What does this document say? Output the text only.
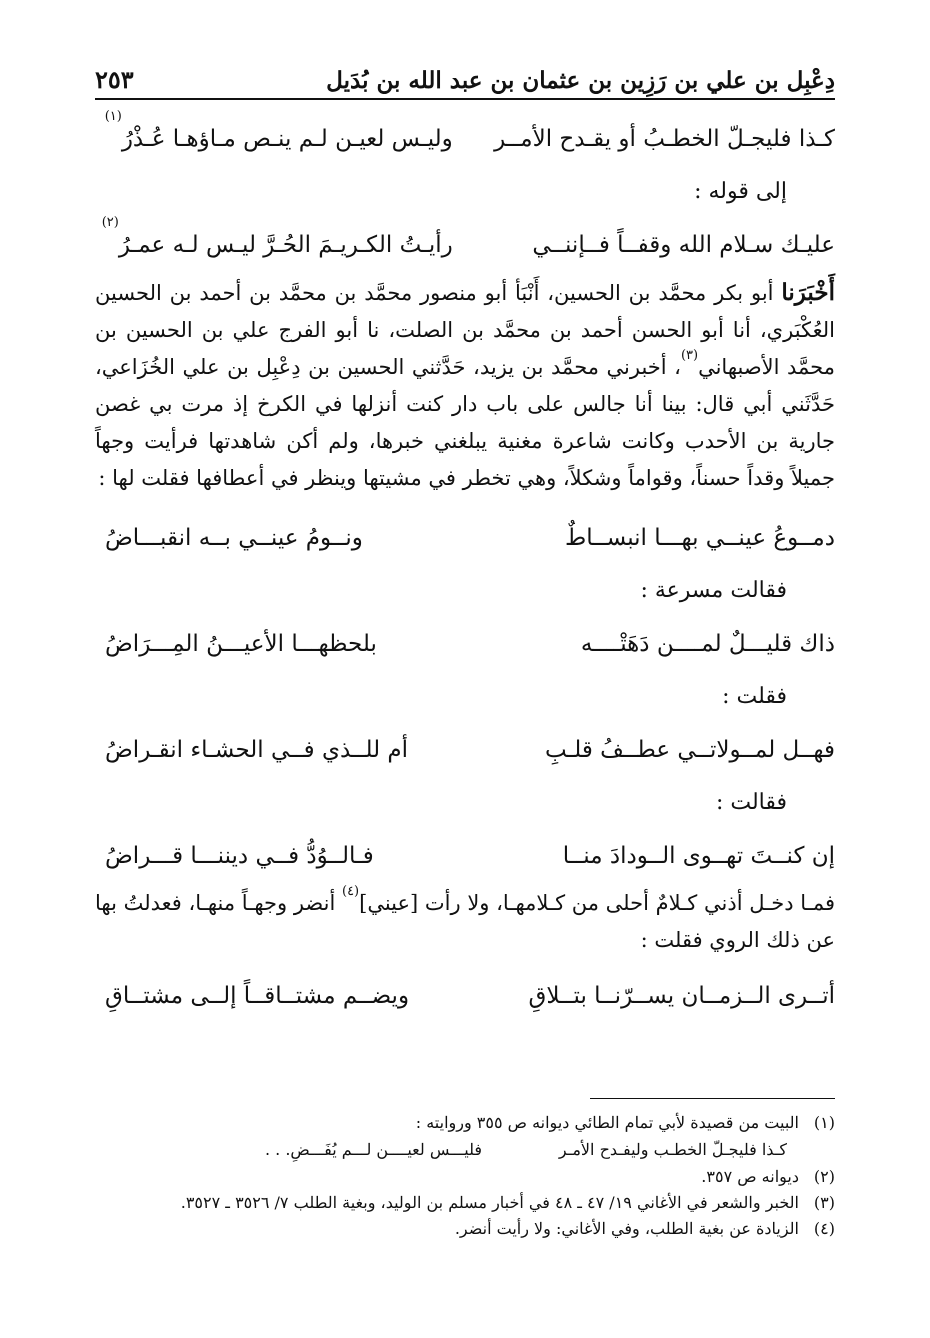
دِعْبِل بن علي بن رَزِين بن عثمان بن عبد الله بن بُدَيل
٢٥٣
كـذا فليجـلّ الخطـبُ أو يقـدح الأمــر
وليـس لعيـن لـم ينـص مـاؤهـا عُـذْرُ$^{(١)}$
إلى قوله :
عليـك سـلام الله وقفــاً فــإننــي
رأيـتُ الكـريـمَ الحُـرَّ ليـس لـه عمـرُ$^{(٢)}$
أَخْبَرَنا أبو بكر محمَّد بن الحسين، أَنْبَأ أبو منصور محمَّد بن محمَّد بن أحمد بن الحسين العُكْبَري، أنا أبو الحسن أحمد بن محمَّد بن الصلت، نا أبو الفرج علي بن الحسين بن محمَّد الأصبهاني$^{(٣)}$، أخبرني محمَّد بن يزيد، حَدَّثني الحسين بن دِعْبِل بن علي الخُزَاعي، حَدَّثَني أبي قال: بينا أنا جالس على باب دار كنت أنزلها في الكرخ إذ مرت بي غصن جارية بن الأحدب وكانت شاعرة مغنية يبلغني خبرها، ولم أكن شاهدتها فرأيت وجهاً جميلاً وقداً حسناً، وقواماً وشكلاً، وهي تخطر في مشيتها وينظر في أعطافها فقلت لها :
دمــوعُ عينــي بهـــا انبســاطٌ
ونــومُ عينــي بــه انقبـــاضُ
فقالت مسرعة :
ذاك قليـــلٌ لمــــن دَهَتْــــه
بلحظهـــا الأعيـــنُ المِـــرَاضُ
فقلت :
فهــل لمــولاتــي عطــفُ قلـبِ
أم للــذي فــي الحشـاء انقـراضُ
فقالت :
إن كنــتَ تهــوى الــودادَ منــا
فـالــوُدُّ فــي ديننـــا قـــراضُ
فمـا دخـل أذني كـلامٌ أحلى من كـلامهـا، ولا رأت [عيني]$^{(٤)}$ أنضر وجهـاً منهـا، فعدلتُ بها عن ذلك الروي فقلت :
أتــرى الــزمــان يســرّنــا بتــلاقِ
ويضــم مشتــاقــاً إلــى مشتــاقِ
(١)
البيت من قصيدة لأبي تمام الطائي ديوانه ص ٣٥٥ وروايته :
كـذا فليجـلّ الخطـب وليفـدح الأمـر
فليـــس لعيــــن لـــم يُفَـــضِ. . .
(٢)
ديوانه ص ٣٥٧.
(٣)
الخبر والشعر في الأغاني ١٩/ ٤٧ ـ ٤٨ في أخبار مسلم بن الوليد، وبغية الطلب ٧/ ٣٥٢٦ ـ ٣٥٢٧.
(٤)
الزيادة عن بغية الطلب، وفي الأغاني: ولا رأيت أنضر.
